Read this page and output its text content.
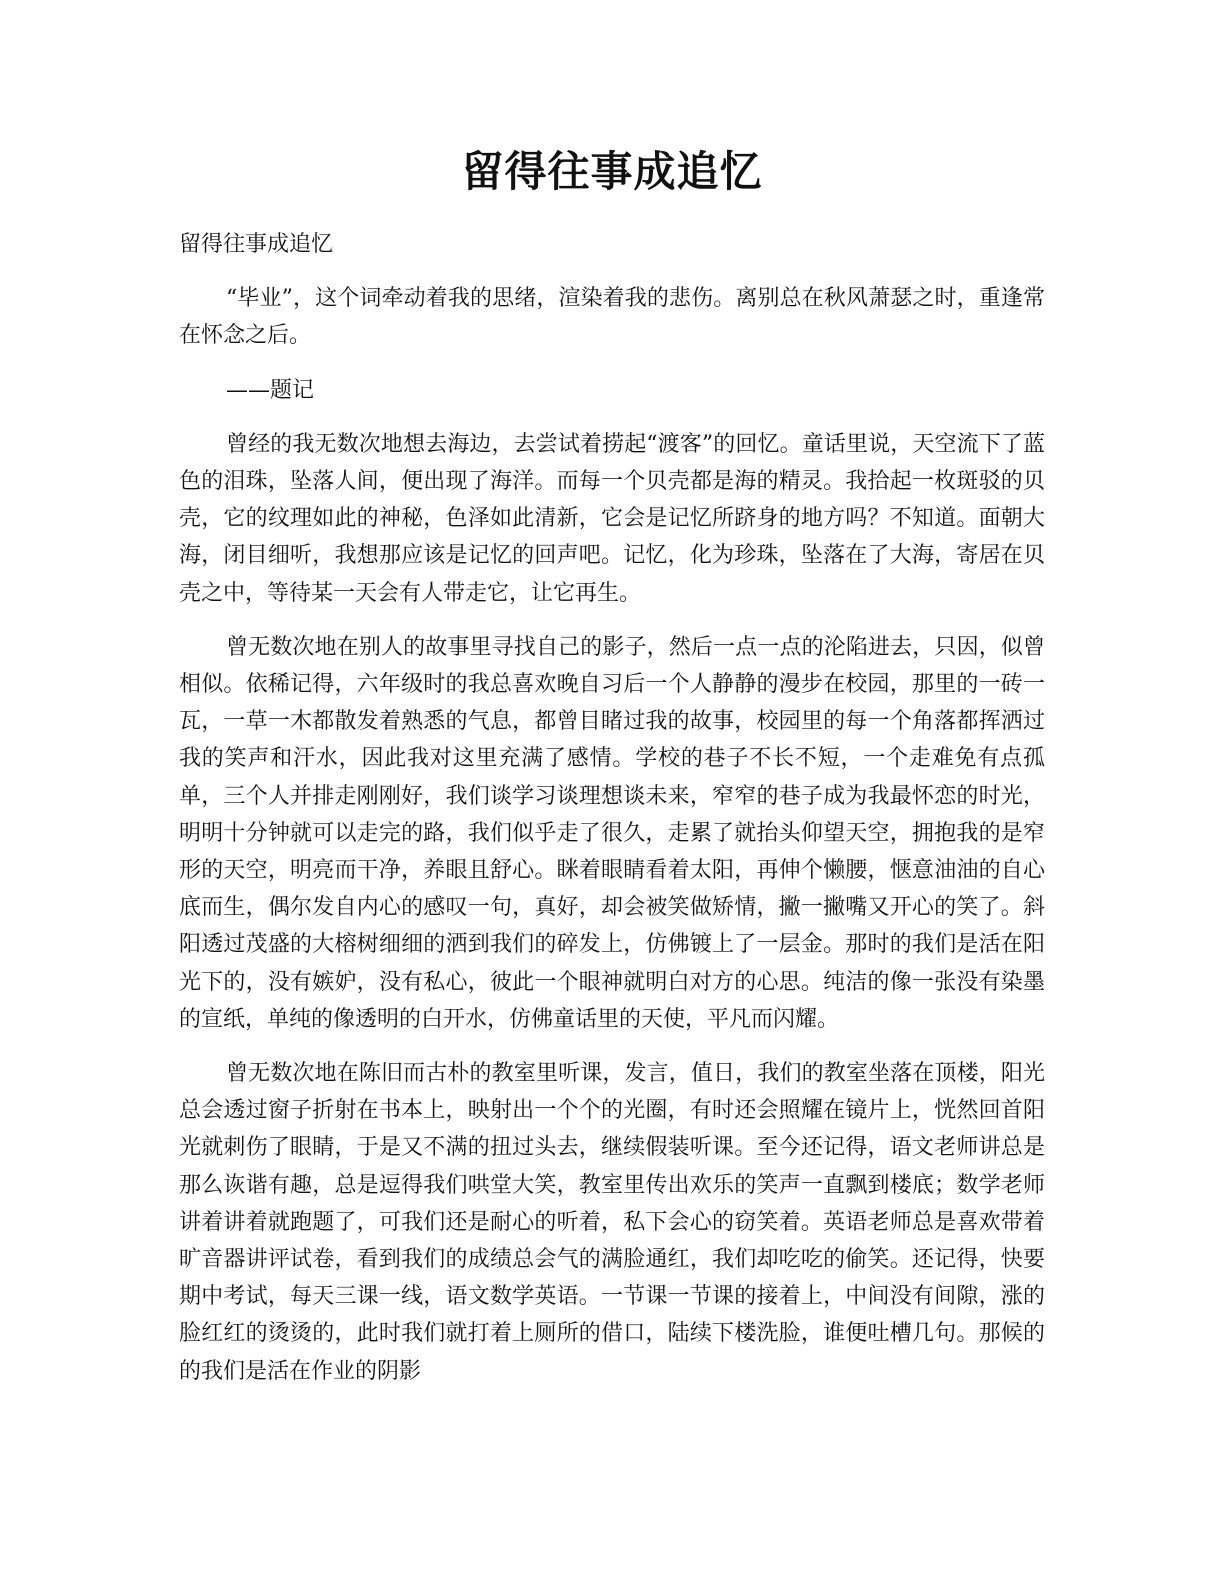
留得往事成追忆

留得往事成追忆

“毕业”，这个词牵动着我的思绪，渲染着我的悲伤。离别总在秋风萧瑟之时，重逢常在怀念之后。

——题记

曾经的我无数次地想去海边，去尝试着捞起“渡客”的回忆。童话里说，天空流下了蓝色的泪珠，坠落人间，便出现了海洋。而每一个贝壳都是海的精灵。我拾起一枚斑驳的贝壳，它的纹理如此的神秘，色泽如此清新，它会是记忆所跻身的地方吗？不知道。面朝大海，闭目细听，我想那应该是记忆的回声吧。记忆，化为珍珠，坠落在了大海，寄居在贝壳之中，等待某一天会有人带走它，让它再生。

曾无数次地在别人的故事里寻找自己的影子，然后一点一点的沦陷进去，只因，似曾相似。依稀记得，六年级时的我总喜欢晚自习后一个人静静的漫步在校园，那里的一砖一瓦，一草一木都散发着熟悉的气息，都曾目睹过我的故事，校园里的每一个角落都挥洒过我的笑声和汗水，因此我对这里充满了感情。学校的巷子不长不短，一个走难免有点孤单，三个人并排走刚刚好，我们谈学习谈理想谈未来，窄窄的巷子成为我最怀恋的时光，明明十分钟就可以走完的路，我们似乎走了很久，走累了就抬头仰望天空，拥抱我的是窄形的天空，明亮而干净，养眼且舒心。眯着眼睛看着太阳，再伸个懒腰，惬意油油的自心底而生，偶尔发自内心的感叹一句，真好，却会被笑做矫情，撇一撇嘴又开心的笑了。斜阳透过茂盛的大榕树细细的洒到我们的碎发上，仿佛镀上了一层金。那时的我们是活在阳光下的，没有嫉妒，没有私心，彼此一个眼神就明白对方的心思。纯洁的像一张没有染墨的宣纸，单纯的像透明的白开水，仿佛童话里的天使，平凡而闪耀。

曾无数次地在陈旧而古朴的教室里听课，发言，值日，我们的教室坐落在顶楼，阳光总会透过窗子折射在书本上，映射出一个个的光圈，有时还会照耀在镜片上，恍然回首阳光就刺伤了眼睛，于是又不满的扭过头去，继续假装听课。至今还记得，语文老师讲总是那么诙谐有趣，总是逗得我们哄堂大笑，教室里传出欢乐的笑声一直飘到楼底；数学老师讲着讲着就跑题了，可我们还是耐心的听着，私下会心的窃笑着。英语老师总是喜欢带着旷音器讲评试卷，看到我们的成绩总会气的满脸通红，我们却吃吃的偷笑。还记得，快要期中考试，每天三课一线，语文数学英语。一节课一节课的接着上，中间没有间隙，涨的脸红红的烫烫的，此时我们就打着上厕所的借口，陆续下楼洗脸，谁便吐槽几句。那候的的我们是活在作业的阴影
